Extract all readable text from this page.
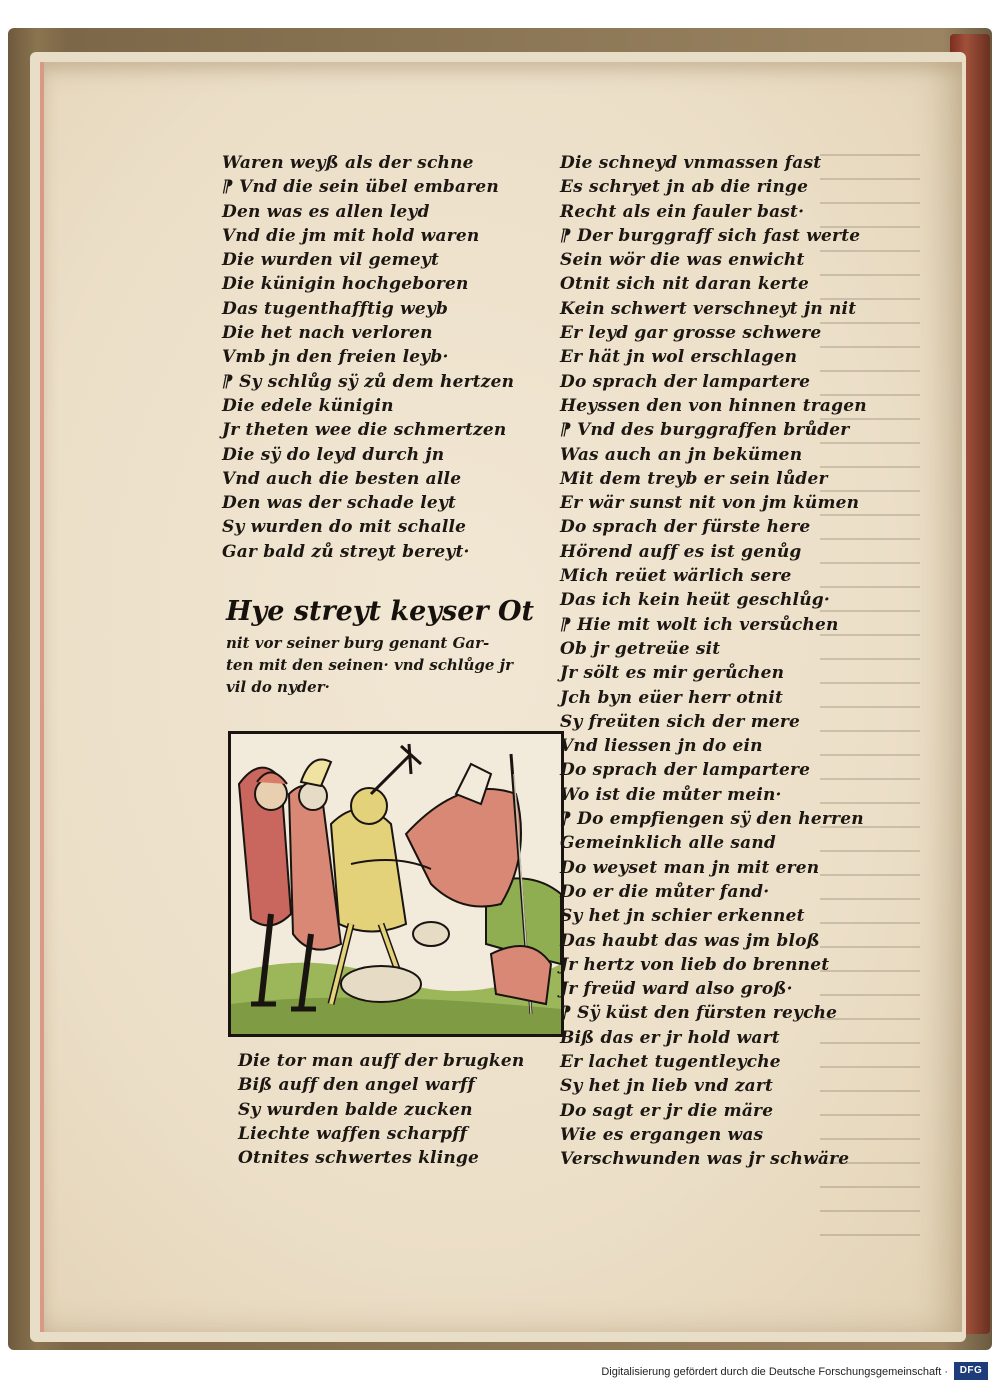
Waren weyß als der schne
⁋ Vnd die sein übel embaren
Den was es allen leyd
Vnd die jm mit hold waren
Die wurden vil gemeyt
Die künigin hochgeboren
Das tugenthafftig weyb
Die het nach verloren
Vmb jn den freien leyb·
⁋ Sy schlůg sÿ zů dem hertzen
Die edele künigin
Jr theten wee die schmertzen
Die sÿ do leyd durch jn
Vnd auch die besten alle
Den was der schade leyt
Sy wurden do mit schalle
Gar bald zů streyt bereyt·
Hye streyt keyser Ot
nit vor seiner burg genant Gar-
ten mit den seinen· vnd schlůge jr
vil do nyder·
Die tor man auff der brugken
Biß auff den angel warff
Sy wurden balde zucken
Liechte waffen scharpff
Otnites schwertes klinge
Die schneyd vnmassen fast
Es schryet jn ab die ringe
Recht als ein fauler bast·
⁋ Der burggraff sich fast werte
Sein wör die was enwicht
Otnit sich nit daran kerte
Kein schwert verschneyt jn nit
Er leyd gar grosse schwere
Er hät jn wol erschlagen
Do sprach der lampartere
Heyssen den von hinnen tragen
⁋ Vnd des burggraffen brůder
Was auch an jn bekümen
Mit dem treyb er sein lůder
Er wär sunst nit von jm kümen
Do sprach der fürste here
Hörend auff es ist genůg
Mich reüet wärlich sere
Das ich kein heüt geschlůg·
⁋ Hie mit wolt ich versůchen
Ob jr getreüe sit
Jr sölt es mir gerůchen
Jch byn eüer herr otnit
Sy freüten sich der mere
Vnd liessen jn do ein
Do sprach der lampartere
Wo ist die můter mein·
⁋ Do empfiengen sÿ den herren
Gemeinklich alle sand
Do weyset man jn mit eren
Do er die můter fand·
Sy het jn schier erkennet
Das haubt das was jm bloß
Jr hertz von lieb do brennet
Jr freüd ward also groß·
⁋ Sÿ küst den fürsten reyche
Biß das er jr hold wart
Er lachet tugentleyche
Sy het jn lieb vnd zart
Do sagt er jr die märe
Wie es ergangen was
Verschwunden was jr schwäre
Digitalisierung gefördert durch die Deutsche Forschungsgemeinschaft ·	DFG
